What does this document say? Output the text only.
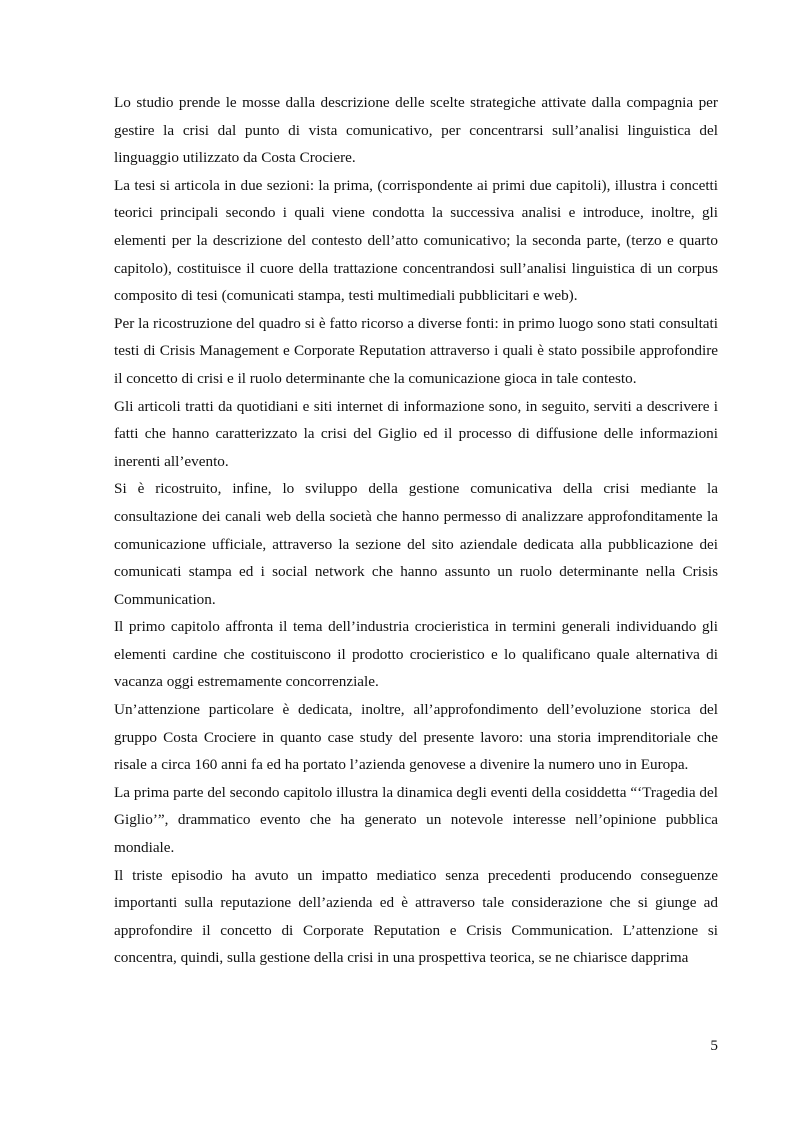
Lo studio prende le mosse dalla descrizione delle scelte strategiche attivate dalla compagnia per gestire la crisi dal punto di vista comunicativo, per concentrarsi sull’analisi linguistica del linguaggio utilizzato da Costa Crociere.

La tesi si articola in due sezioni: la prima, (corrispondente ai primi due capitoli), illustra i concetti teorici principali secondo i quali viene condotta la successiva analisi e introduce, inoltre, gli elementi per la descrizione del contesto dell’atto comunicativo; la seconda parte, (terzo e quarto capitolo), costituisce il cuore della trattazione concentrandosi sull’analisi linguistica di un corpus composito di tesi (comunicati stampa, testi multimediali pubblicitari e web).

Per la ricostruzione del quadro si è fatto ricorso a diverse fonti: in primo luogo sono stati consultati testi di Crisis Management e Corporate Reputation attraverso i quali è stato possibile approfondire il concetto di crisi e il ruolo determinante che la comunicazione gioca in tale contesto.

Gli articoli tratti da quotidiani e siti internet di informazione sono, in seguito, serviti a descrivere i fatti che hanno caratterizzato la crisi del Giglio ed il processo di diffusione delle informazioni inerenti all’evento.

Si è ricostruito, infine, lo sviluppo della gestione comunicativa della crisi mediante la consultazione dei canali web della società che hanno permesso di analizzare approfonditamente la comunicazione ufficiale, attraverso la sezione del sito aziendale dedicata alla pubblicazione dei comunicati stampa ed i social network che hanno assunto un ruolo determinante nella Crisis Communication.

Il primo capitolo affronta il tema dell’industria crocieristica in termini generali individuando gli elementi cardine che costituiscono il prodotto crocieristico e lo qualificano quale alternativa di vacanza oggi estremamente concorrenziale.

Un’attenzione particolare è dedicata, inoltre, all’approfondimento dell’evoluzione storica del gruppo Costa Crociere in quanto case study del presente lavoro: una storia imprenditoriale che risale a circa 160 anni fa ed ha portato l’azienda genovese a divenire la numero uno in Europa.

La prima parte del secondo capitolo illustra la dinamica degli eventi della cosiddetta “‘Tragedia del Giglio’”, drammatico evento che ha generato un notevole interesse nell’opinione pubblica mondiale.

Il triste episodio ha avuto un impatto mediatico senza precedenti producendo conseguenze importanti sulla reputazione dell’azienda ed è attraverso tale considerazione che si giunge ad approfondire il concetto di Corporate Reputation e Crisis Communication. L’attenzione si concentra, quindi, sulla gestione della crisi in una prospettiva teorica, se ne chiarisce dapprima

5
